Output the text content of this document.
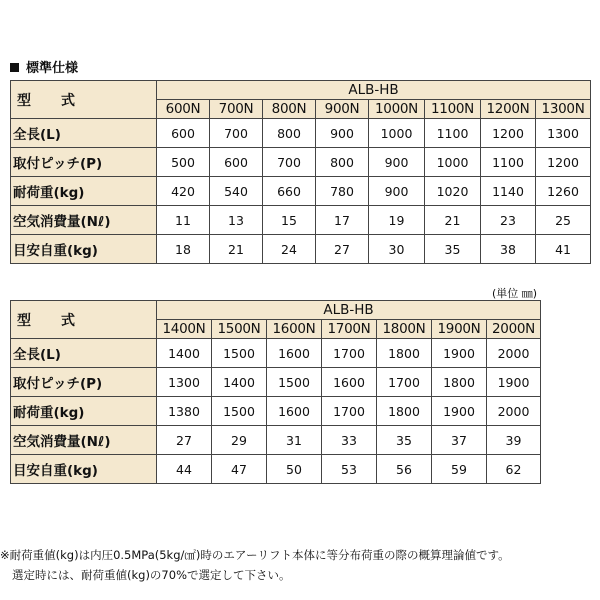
標準仕様
型　式	ALB-HB							
	600N	700N	800N	900N	1000N	1100N	1200N	1300N
全長(L)	600	700	800	900	1000	1100	1200	1300
取付ピッチ(P)	500	600	700	800	900	1000	1100	1200
耐荷重(kg)	420	540	660	780	900	1020	1140	1260
空気消費量(Nℓ)	11	13	15	17	19	21	23	25
目安自重(kg)	18	21	24	27	30	35	38	41
(単位 ㎜)
型　式	ALB-HB						
	1400N	1500N	1600N	1700N	1800N	1900N	2000N
全長(L)	1400	1500	1600	1700	1800	1900	2000
取付ピッチ(P)	1300	1400	1500	1600	1700	1800	1900
耐荷重(kg)	1380	1500	1600	1700	1800	1900	2000
空気消費量(Nℓ)	27	29	31	33	35	37	39
目安自重(kg)	44	47	50	53	56	59	62
※耐荷重値(kg)は内圧0.5MPa(5kg/㎠)時のエアーリフト本体に等分布荷重の際の概算理論値です。
選定時には、耐荷重値(kg)の70%で選定して下さい。
